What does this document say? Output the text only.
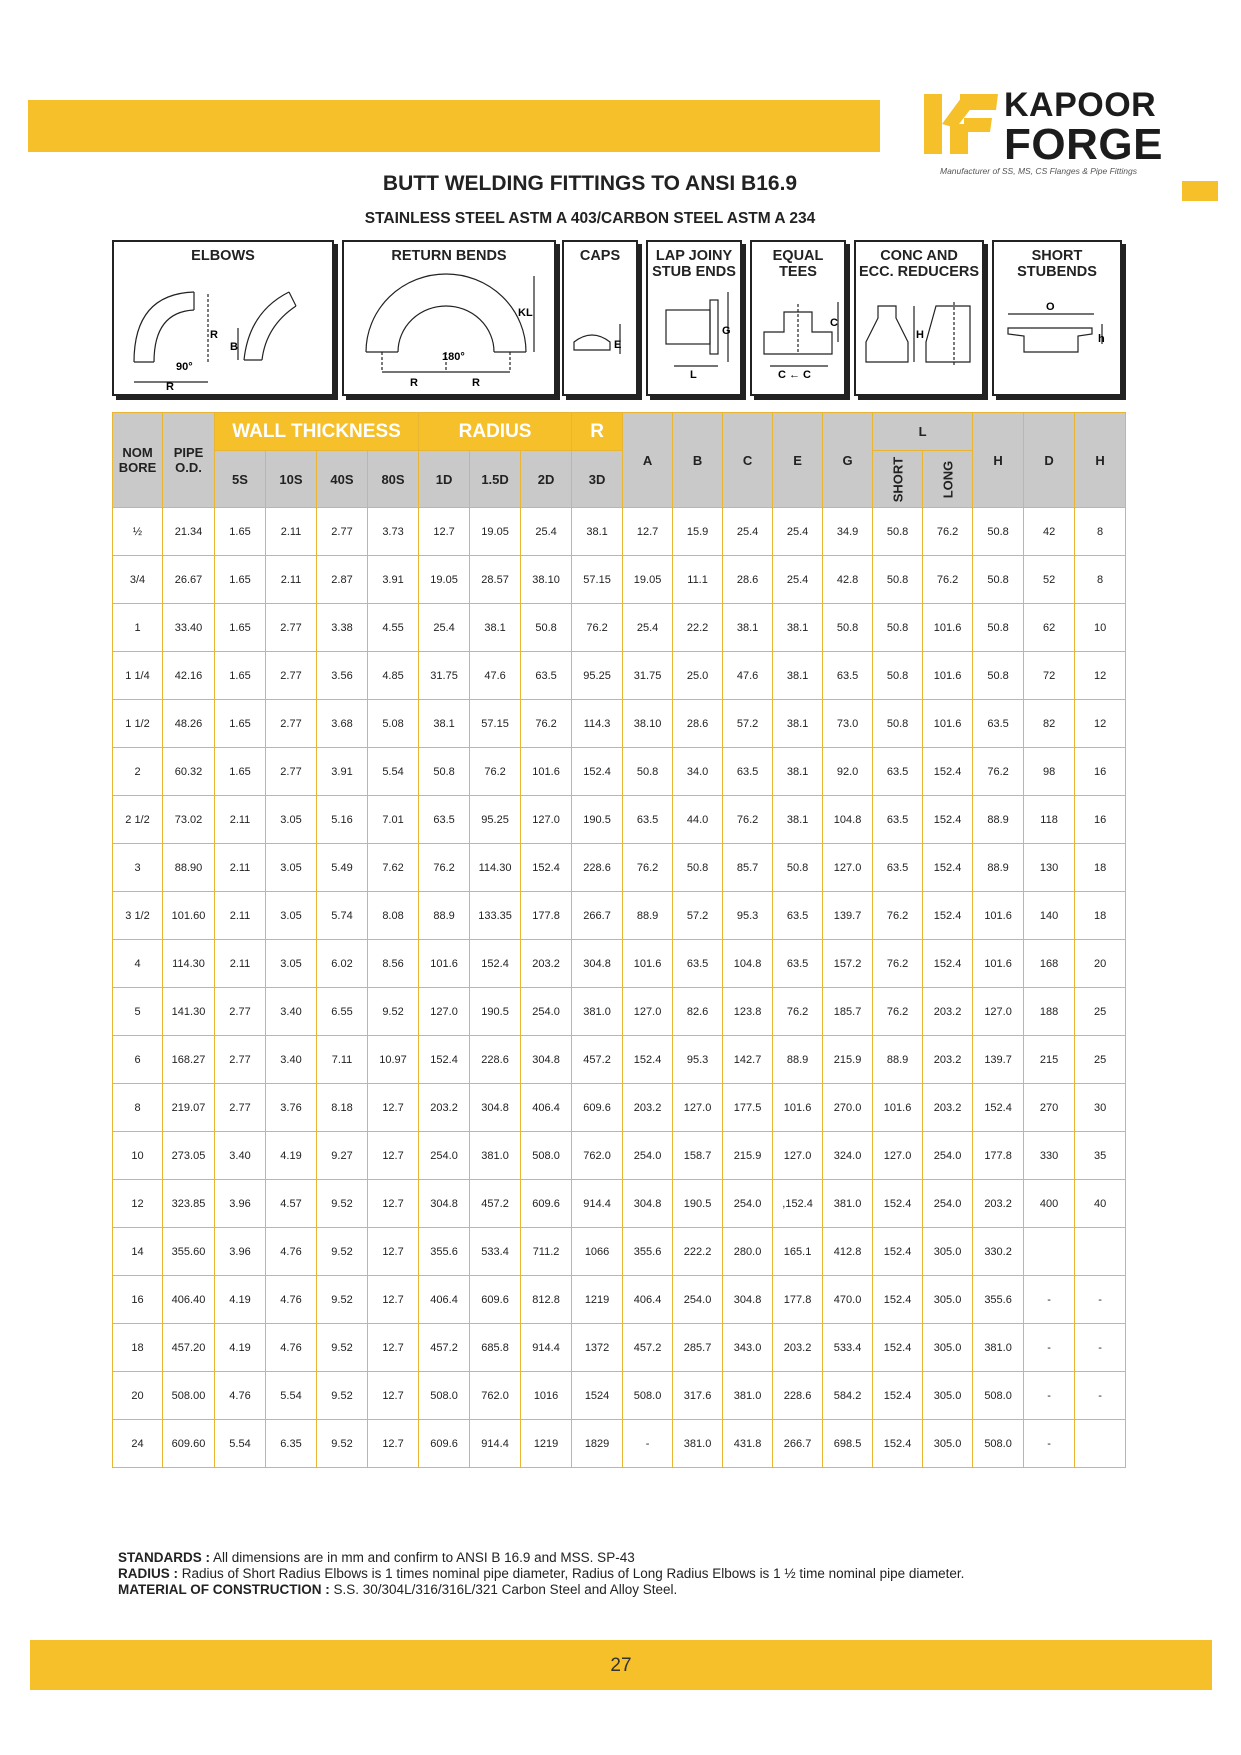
KAPOOR
FORGE
Manufacturer of SS, MS, CS Flanges & Pipe Fittings
BUTT WELDING FITTINGS TO ANSI B16.9
STAINLESS STEEL ASTM A 403/CARBON STEEL ASTM A 234
ELBOWS
R
B
90°
R
RETURN BENDS
KL
180°
R	R
CAPS
E
LAP JOINY
STUB ENDS
G
L
EQUAL
TEES
C
C ← C
CONC AND
ECC. REDUCERS
H
SHORT
STUBENDS
O
h
NOM BORE	PIPE O.D.	WALL THICKNESS				RADIUS			R	A	B	C	E	G	L		H	D	H
		5S	10S	40S	80S	1D	1.5D	2D	3D						SHORT	LONG			
½	21.34	1.65	2.11	2.77	3.73	12.7	19.05	25.4	38.1	12.7	15.9	25.4	25.4	34.9	50.8	76.2	50.8	42	8
3/4	26.67	1.65	2.11	2.87	3.91	19.05	28.57	38.10	57.15	19.05	11.1	28.6	25.4	42.8	50.8	76.2	50.8	52	8
1	33.40	1.65	2.77	3.38	4.55	25.4	38.1	50.8	76.2	25.4	22.2	38.1	38.1	50.8	50.8	101.6	50.8	62	10
1 1/4	42.16	1.65	2.77	3.56	4.85	31.75	47.6	63.5	95.25	31.75	25.0	47.6	38.1	63.5	50.8	101.6	50.8	72	12
1 1/2	48.26	1.65	2.77	3.68	5.08	38.1	57.15	76.2	114.3	38.10	28.6	57.2	38.1	73.0	50.8	101.6	63.5	82	12
2	60.32	1.65	2.77	3.91	5.54	50.8	76.2	101.6	152.4	50.8	34.0	63.5	38.1	92.0	63.5	152.4	76.2	98	16
2 1/2	73.02	2.11	3.05	5.16	7.01	63.5	95.25	127.0	190.5	63.5	44.0	76.2	38.1	104.8	63.5	152.4	88.9	118	16
3	88.90	2.11	3.05	5.49	7.62	76.2	114.30	152.4	228.6	76.2	50.8	85.7	50.8	127.0	63.5	152.4	88.9	130	18
3 1/2	101.60	2.11	3.05	5.74	8.08	88.9	133.35	177.8	266.7	88.9	57.2	95.3	63.5	139.7	76.2	152.4	101.6	140	18
4	114.30	2.11	3.05	6.02	8.56	101.6	152.4	203.2	304.8	101.6	63.5	104.8	63.5	157.2	76.2	152.4	101.6	168	20
5	141.30	2.77	3.40	6.55	9.52	127.0	190.5	254.0	381.0	127.0	82.6	123.8	76.2	185.7	76.2	203.2	127.0	188	25
6	168.27	2.77	3.40	7.11	10.97	152.4	228.6	304.8	457.2	152.4	95.3	142.7	88.9	215.9	88.9	203.2	139.7	215	25
8	219.07	2.77	3.76	8.18	12.7	203.2	304.8	406.4	609.6	203.2	127.0	177.5	101.6	270.0	101.6	203.2	152.4	270	30
10	273.05	3.40	4.19	9.27	12.7	254.0	381.0	508.0	762.0	254.0	158.7	215.9	127.0	324.0	127.0	254.0	177.8	330	35
12	323.85	3.96	4.57	9.52	12.7	304.8	457.2	609.6	914.4	304.8	190.5	254.0	,152.4	381.0	152.4	254.0	203.2	400	40
14	355.60	3.96	4.76	9.52	12.7	355.6	533.4	711.2	1066	355.6	222.2	280.0	165.1	412.8	152.4	305.0	330.2		
16	406.40	4.19	4.76	9.52	12.7	406.4	609.6	812.8	1219	406.4	254.0	304.8	177.8	470.0	152.4	305.0	355.6	-	-
18	457.20	4.19	4.76	9.52	12.7	457.2	685.8	914.4	1372	457.2	285.7	343.0	203.2	533.4	152.4	305.0	381.0	-	-
20	508.00	4.76	5.54	9.52	12.7	508.0	762.0	1016	1524	508.0	317.6	381.0	228.6	584.2	152.4	305.0	508.0	-	-
24	609.60	5.54	6.35	9.52	12.7	609.6	914.4	1219	1829	-	381.0	431.8	266.7	698.5	152.4	305.0	508.0	-	
STANDARDS : All dimensions are in mm and confirm to ANSI B 16.9 and MSS. SP-43
RADIUS : Radius of Short Radius Elbows is 1 times nominal pipe diameter, Radius of Long Radius Elbows is 1 ½ time nominal pipe diameter.
MATERIAL OF CONSTRUCTION : S.S. 30/304L/316/316L/321 Carbon Steel and Alloy Steel.
27
